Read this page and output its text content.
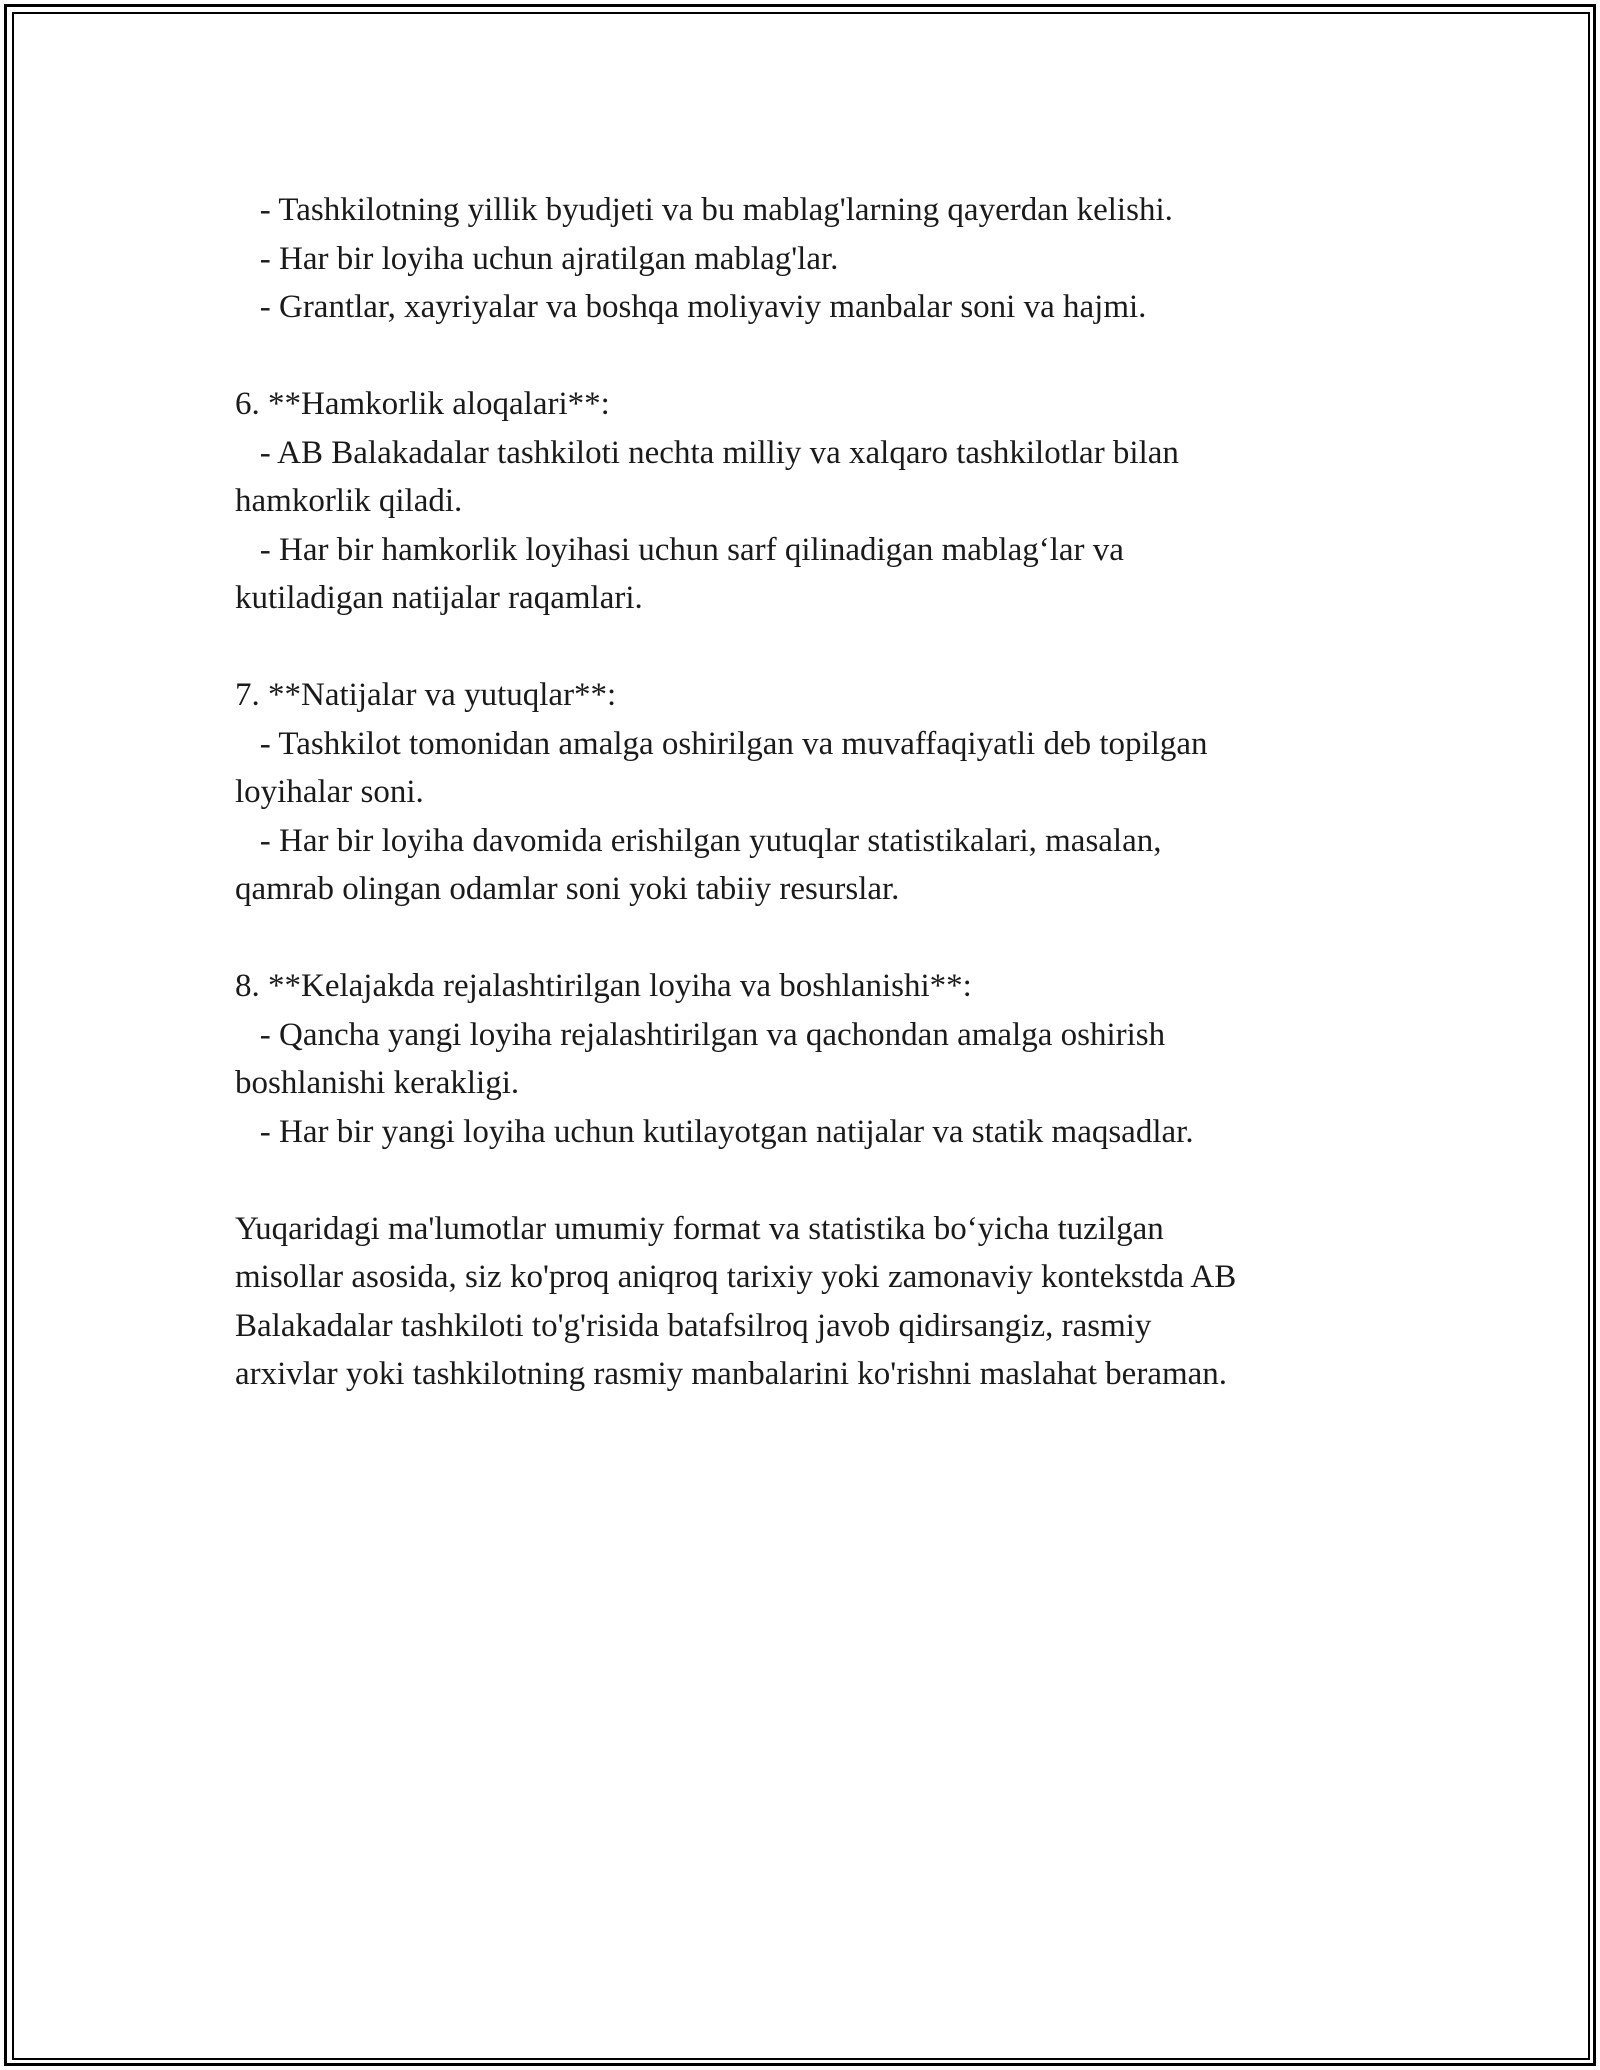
- Tashkilotning yillik byudjeti va bu mablag'larning qayerdan kelishi.
- Har bir loyiha uchun ajratilgan mablag'lar.
- Grantlar, xayriyalar va boshqa moliyaviy manbalar soni va hajmi.
6. **Hamkorlik aloqalari**:
- AB Balakadalar tashkiloti nechta milliy va xalqaro tashkilotlar bilan
hamkorlik qiladi.
- Har bir hamkorlik loyihasi uchun sarf qilinadigan mablag‘lar va
kutiladigan natijalar raqamlari.
7. **Natijalar va yutuqlar**:
- Tashkilot tomonidan amalga oshirilgan va muvaffaqiyatli deb topilgan
loyihalar soni.
- Har bir loyiha davomida erishilgan yutuqlar statistikalari, masalan,
qamrab olingan odamlar soni yoki tabiiy resurslar.
8. **Kelajakda rejalashtirilgan loyiha va boshlanishi**:
- Qancha yangi loyiha rejalashtirilgan va qachondan amalga oshirish
boshlanishi kerakligi.
- Har bir yangi loyiha uchun kutilayotgan natijalar va statik maqsadlar.
Yuqaridagi ma'lumotlar umumiy format va statistika bo‘yicha tuzilgan
misollar asosida, siz ko'proq aniqroq tarixiy yoki zamonaviy kontekstda AB
Balakadalar tashkiloti to'g'risida batafsilroq javob qidirsangiz, rasmiy
arxivlar yoki tashkilotning rasmiy manbalarini ko'rishni maslahat beraman.
